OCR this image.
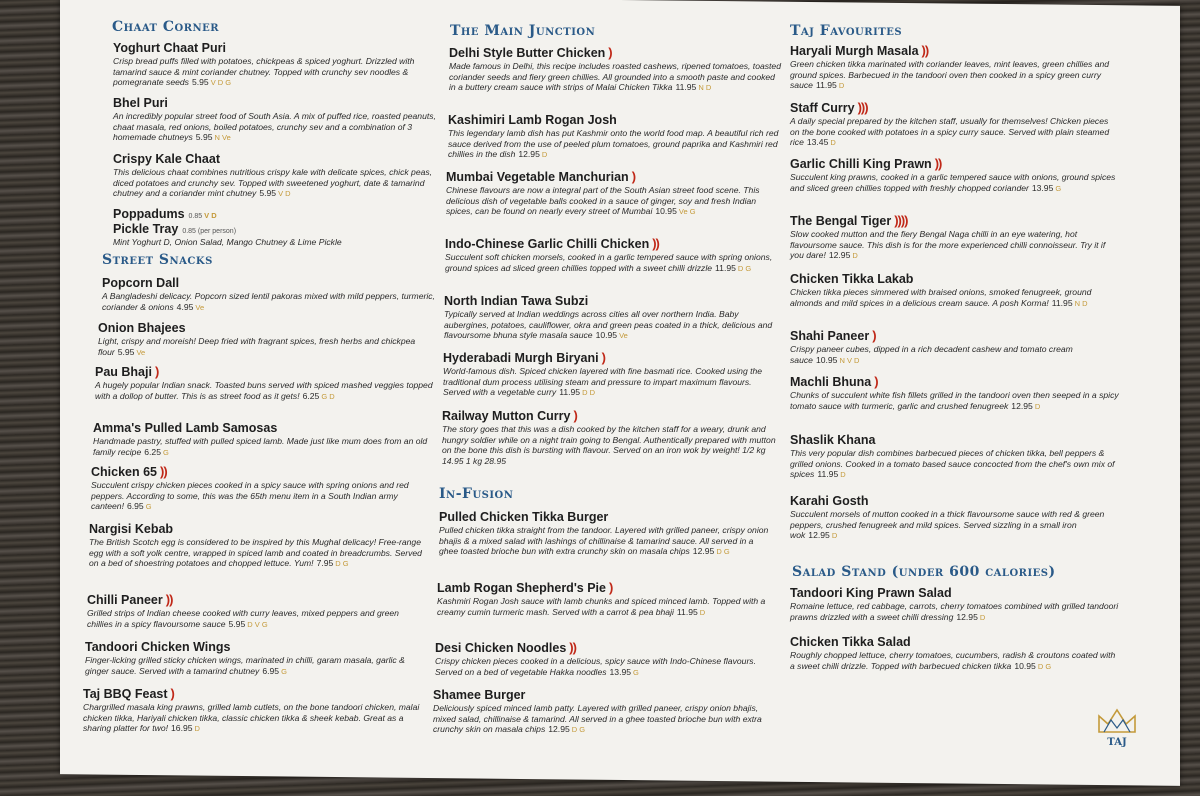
Chaat Corner
Yoghurt Chaat Puri
Crisp bread puffs filled with potatoes, chickpeas & spiced yoghurt. Drizzled with tamarind sauce & mint coriander chutney. Topped with crunchy sev noodles & pomegranate seeds 5.95 V D G
Bhel Puri
An incredibly popular street food of South Asia. A mix of puffed rice, roasted peanuts, chaat masala, red onions, boiled potatoes, crunchy sev and a combination of 3 homemade chutneys 5.95 N Ve
Crispy Kale Chaat
This delicious chaat combines nutritious crispy kale with delicate spices, chick peas, diced potatoes and crunchy sev. Topped with sweetened yoghurt, date & tamarind chutney and a coriander mint chutney 5.95 V D
Poppadums 0.85 V D
Pickle Tray 0.85 (per person)
Mint Yoghurt D, Onion Salad, Mango Chutney & Lime Pickle
Street Snacks
Popcorn Dall
A Bangladeshi delicacy. Popcorn sized lentil pakoras mixed with mild peppers, turmeric, coriander & onions 4.95 Ve
Onion Bhajees
Light, crispy and moreish! Deep fried with fragrant spices, fresh herbs and chickpea flour 5.95 Ve
Pau Bhaji )
A hugely popular Indian snack. Toasted buns served with spiced mashed veggies topped with a dollop of butter. This is as street food as it gets! 6.25 G D
Amma's Pulled Lamb Samosas
Handmade pastry, stuffed with pulled spiced lamb. Made just like mum does from an old family recipe 6.25 G
Chicken 65 ))
Succulent crispy chicken pieces cooked in a spicy sauce with spring onions and red peppers. According to some, this was the 65th menu item in a South Indian army canteen! 6.95 G
Nargisi Kebab
The British Scotch egg is considered to be inspired by this Mughal delicacy! Free-range egg with a soft yolk centre, wrapped in spiced lamb and coated in breadcrumbs. Served on a bed of shoestring potatoes and chopped lettuce. Yum! 7.95 D G
Chilli Paneer ))
Grilled strips of Indian cheese cooked with curry leaves, mixed peppers and green chillies in a spicy flavoursome sauce 5.95 D V G
Tandoori Chicken Wings
Finger-licking grilled sticky chicken wings, marinated in chilli, garam masala, garlic & ginger sauce. Served with a tamarind chutney 6.95 G
Taj BBQ Feast )
Chargrilled masala king prawns, grilled lamb cutlets, on the bone tandoori chicken, malai chicken tikka, Hariyali chicken tikka, classic chicken tikka & sheek kebab. Great as a sharing platter for two! 16.95 D
The Main Junction
Delhi Style Butter Chicken )
Made famous in Delhi, this recipe includes roasted cashews, ripened tomatoes, toasted coriander seeds and fiery green chillies. All grounded into a smooth paste and cooked in a buttery cream sauce with strips of Malai Chicken Tikka 11.95 N D
Kashimiri Lamb Rogan Josh
This legendary lamb dish has put Kashmir onto the world food map. A beautiful rich red sauce derived from the use of peeled plum tomatoes, ground paprika and Kashmiri red chillies in the dish 12.95 D
Mumbai Vegetable Manchurian )
Chinese flavours are now a integral part of the South Asian street food scene. This delicious dish of vegetable balls cooked in a sauce of ginger, soy and fresh Indian spices, can be found on nearly every street of Mumbai 10.95 Ve G
Indo-Chinese Garlic Chilli Chicken ))
Succulent soft chicken morsels, cooked in a garlic tempered sauce with spring onions, ground spices ad sliced green chillies topped with a sweet chilli drizzle 11.95 D G
North Indian Tawa Subzi
Typically served at Indian weddings across cities all over northern India. Baby aubergines, potatoes, cauliflower, okra and green peas coated in a thick, delicious and flavoursome bhuna style masala sauce 10.95 Ve
Hyderabadi Murgh Biryani )
World-famous dish. Spiced chicken layered with fine basmati rice. Cooked using the traditional dum process utilising steam and pressure to impart maximum flavours. Served with a vegetable curry 11.95 D D
Railway Mutton Curry )
The story goes that this was a dish cooked by the kitchen staff for a weary, drunk and hungry soldier while on a night train going to Bengal. Authentically prepared with mutton on the bone this dish is bursting with flavour. Served on an iron wok by weight! 1/2 kg 14.95 1 kg 28.95
In-Fusion
Pulled Chicken Tikka Burger
Pulled chicken tikka straight from the tandoor. Layered with grilled paneer, crispy onion bhajis & a mixed salad with lashings of chillinaise & tamarind sauce. All served in a ghee toasted brioche bun with extra crunchy skin on masala chips 12.95 D G
Lamb Rogan Shepherd's Pie )
Kashmiri Rogan Josh sauce with lamb chunks and spiced minced lamb. Topped with a creamy cumin turmeric mash. Served with a carrot & pea bhaji 11.95 D
Desi Chicken Noodles ))
Crispy chicken pieces cooked in a delicious, spicy sauce with Indo-Chinese flavours. Served on a bed of vegetable Hakka noodles 13.95 G
Shamee Burger
Deliciously spiced minced lamb patty. Layered with grilled paneer, crispy onion bhajis, mixed salad, chillinaise & tamarind. All served in a ghee toasted brioche bun with extra crunchy skin on masala chips 12.95 D G
Taj Favourites
Haryali Murgh Masala ))
Green chicken tikka marinated with coriander leaves, mint leaves, green chillies and ground spices. Barbecued in the tandoori oven then cooked in a spicy green curry sauce 11.95 D
Staff Curry )))
A daily special prepared by the kitchen staff, usually for themselves! Chicken pieces on the bone cooked with potatoes in a spicy curry sauce. Served with plain steamed rice 13.45 D
Garlic Chilli King Prawn ))
Succulent king prawns, cooked in a garlic tempered sauce with onions, ground spices and sliced green chillies topped with freshly chopped coriander 13.95 G
The Bengal Tiger ))))
Slow cooked mutton and the fiery Bengal Naga chilli in an eye watering, hot flavoursome sauce. This dish is for the more experienced chilli connoisseur. Try it if you dare! 12.95 D
Chicken Tikka Lakab
Chicken tikka pieces simmered with braised onions, smoked fenugreek, ground almonds and mild spices in a delicious cream sauce. A posh Korma! 11.95 N D
Shahi Paneer )
Crispy paneer cubes, dipped in a rich decadent cashew and tomato cream sauce 10.95 N V D
Machli Bhuna )
Chunks of succulent white fish fillets grilled in the tandoori oven then seeped in a spicy tomato sauce with turmeric, garlic and crushed fenugreek 12.95 D
Shaslik Khana
This very popular dish combines barbecued pieces of chicken tikka, bell peppers & grilled onions. Cooked in a tomato based sauce concocted from the chef's own mix of spices 11.95 D
Karahi Gosth
Succulent morsels of mutton cooked in a thick flavoursome sauce with red & green peppers, crushed fenugreek and mild spices. Served sizzling in a small iron wok 12.95 D
Salad Stand (under 600 calories)
Tandoori King Prawn Salad
Romaine lettuce, red cabbage, carrots, cherry tomatoes combined with grilled tandoori prawns drizzled with a sweet chilli dressing 12.95 D
Chicken Tikka Salad
Roughly chopped lettuce, cherry tomatoes, cucumbers, radish & croutons coated with a sweet chilli drizzle. Topped with barbecued chicken tikka 10.95 D G
TAJ
